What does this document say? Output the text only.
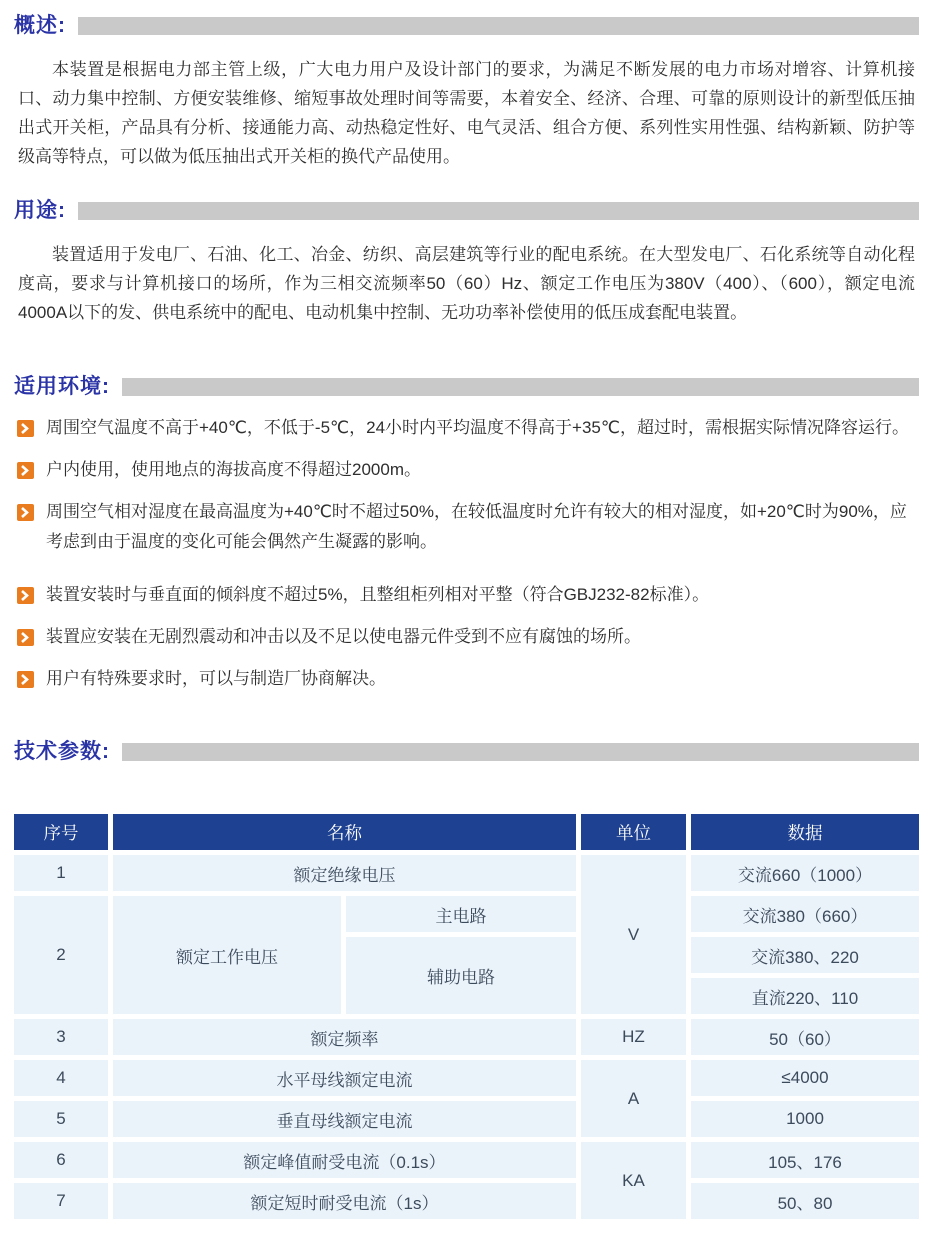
概述:

本装置是根据电力部主管上级，广大电力用户及设计部门的要求，为满足不断发展的电力市场对增容、计算机接口、动力集中控制、方便安装维修、缩短事故处理时间等需要，本着安全、经济、合理、可靠的原则设计的新型低压抽出式开关柜，产品具有分析、接通能力高、动热稳定性好、电气灵活、组合方便、系列性实用性强、结构新颖、防护等级高等特点，可以做为低压抽出式开关柜的换代产品使用。

用途:

装置适用于发电厂、石油、化工、冶金、纺织、高层建筑等行业的配电系统。在大型发电厂、石化系统等自动化程度高，要求与计算机接口的场所，作为三相交流频率50（60）Hz、额定工作电压为380V（400）、（600），额定电流4000A以下的发、供电系统中的配电、电动机集中控制、无功功率补偿使用的低压成套配电装置。

适用环境:
周围空气温度不高于+40℃，不低于-5℃，24小时内平均温度不得高于+35℃，超过时，需根据实际情况降容运行。
户内使用，使用地点的海拔高度不得超过2000m。
周围空气相对湿度在最高温度为+40℃时不超过50%，在较低温度时允许有较大的相对湿度，如+20℃时为90%，应考虑到由于温度的变化可能会偶然产生凝露的影响。
装置安装时与垂直面的倾斜度不超过5%，且整组柜列相对平整（符合GBJ232-82标准）。
装置应安装在无剧烈震动和冲击以及不足以使电器元件受到不应有腐蚀的场所。
用户有特殊要求时，可以与制造厂协商解决。
技术参数:
序号	名称		单位	数据
1	额定绝缘电压		V	交流660（1000）
2	额定工作电压	主电路		交流380（660）
		辅助电路		交流380、220
				直流220、110
3	额定频率		HZ	50（60）
4	水平母线额定电流		A	≤4000
5	垂直母线额定电流			1000
6	额定峰值耐受电流（0.1s）		KA	105、176
7	额定短时耐受电流（1s）			50、80
